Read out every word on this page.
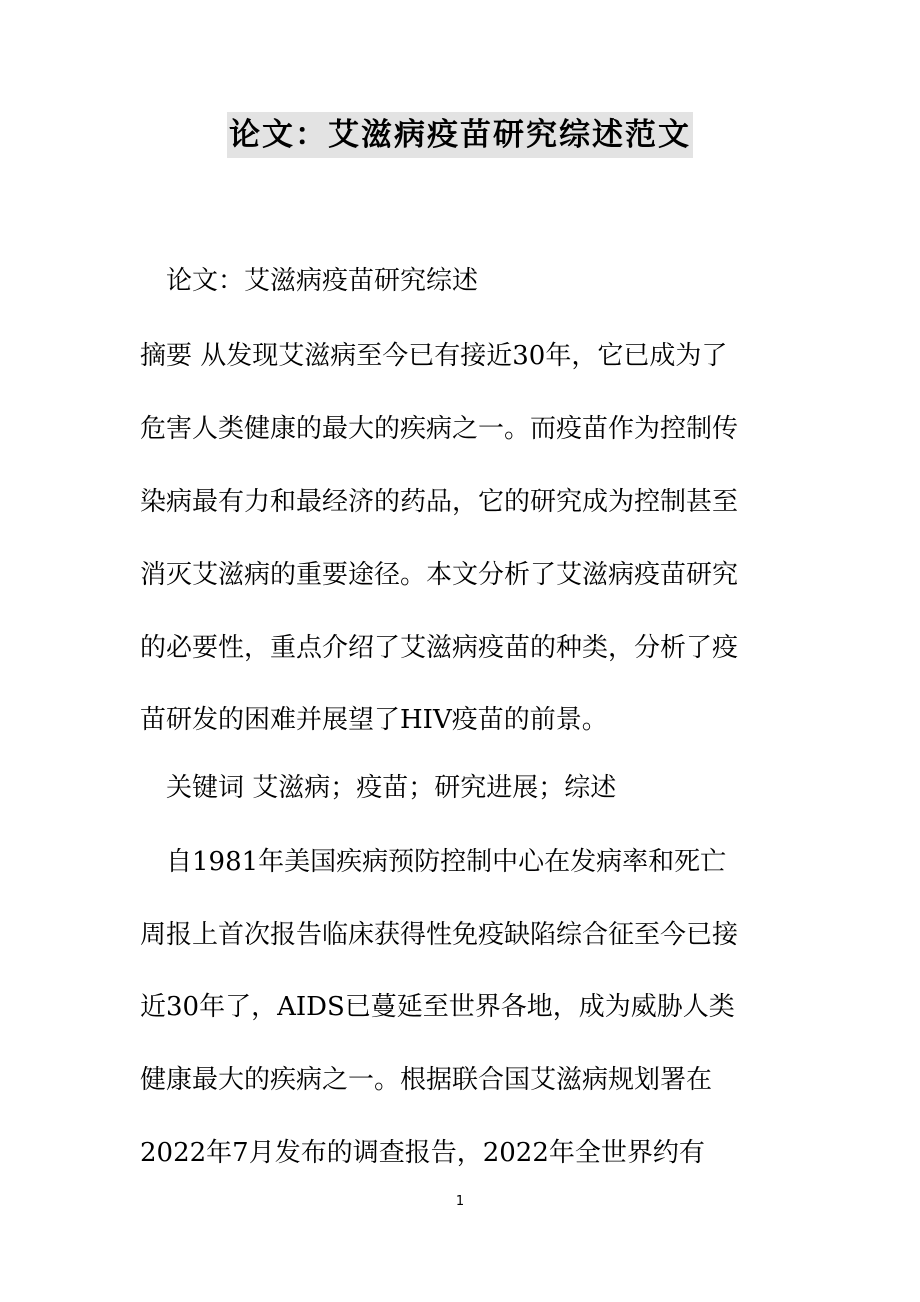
论文：艾滋病疫苗研究综述范文
论文：艾滋病疫苗研究综述
摘要 从发现艾滋病至今已有接近30年，它已成为了
危害人类健康的最大的疾病之一。而疫苗作为控制传
染病最有力和最经济的药品，它的研究成为控制甚至
消灭艾滋病的重要途径。本文分析了艾滋病疫苗研究
的必要性，重点介绍了艾滋病疫苗的种类，分析了疫
苗研发的困难并展望了HIV疫苗的前景。
关键词 艾滋病；疫苗；研究进展；综述
自1981年美国疾病预防控制中心在发病率和死亡
周报上首次报告临床获得性免疫缺陷综合征至今已接
近30年了，AIDS已蔓延至世界各地，成为威胁人类
健康最大的疾病之一。根据联合国艾滋病规划署在
2022年7月发布的调查报告，2022年全世界约有
1
